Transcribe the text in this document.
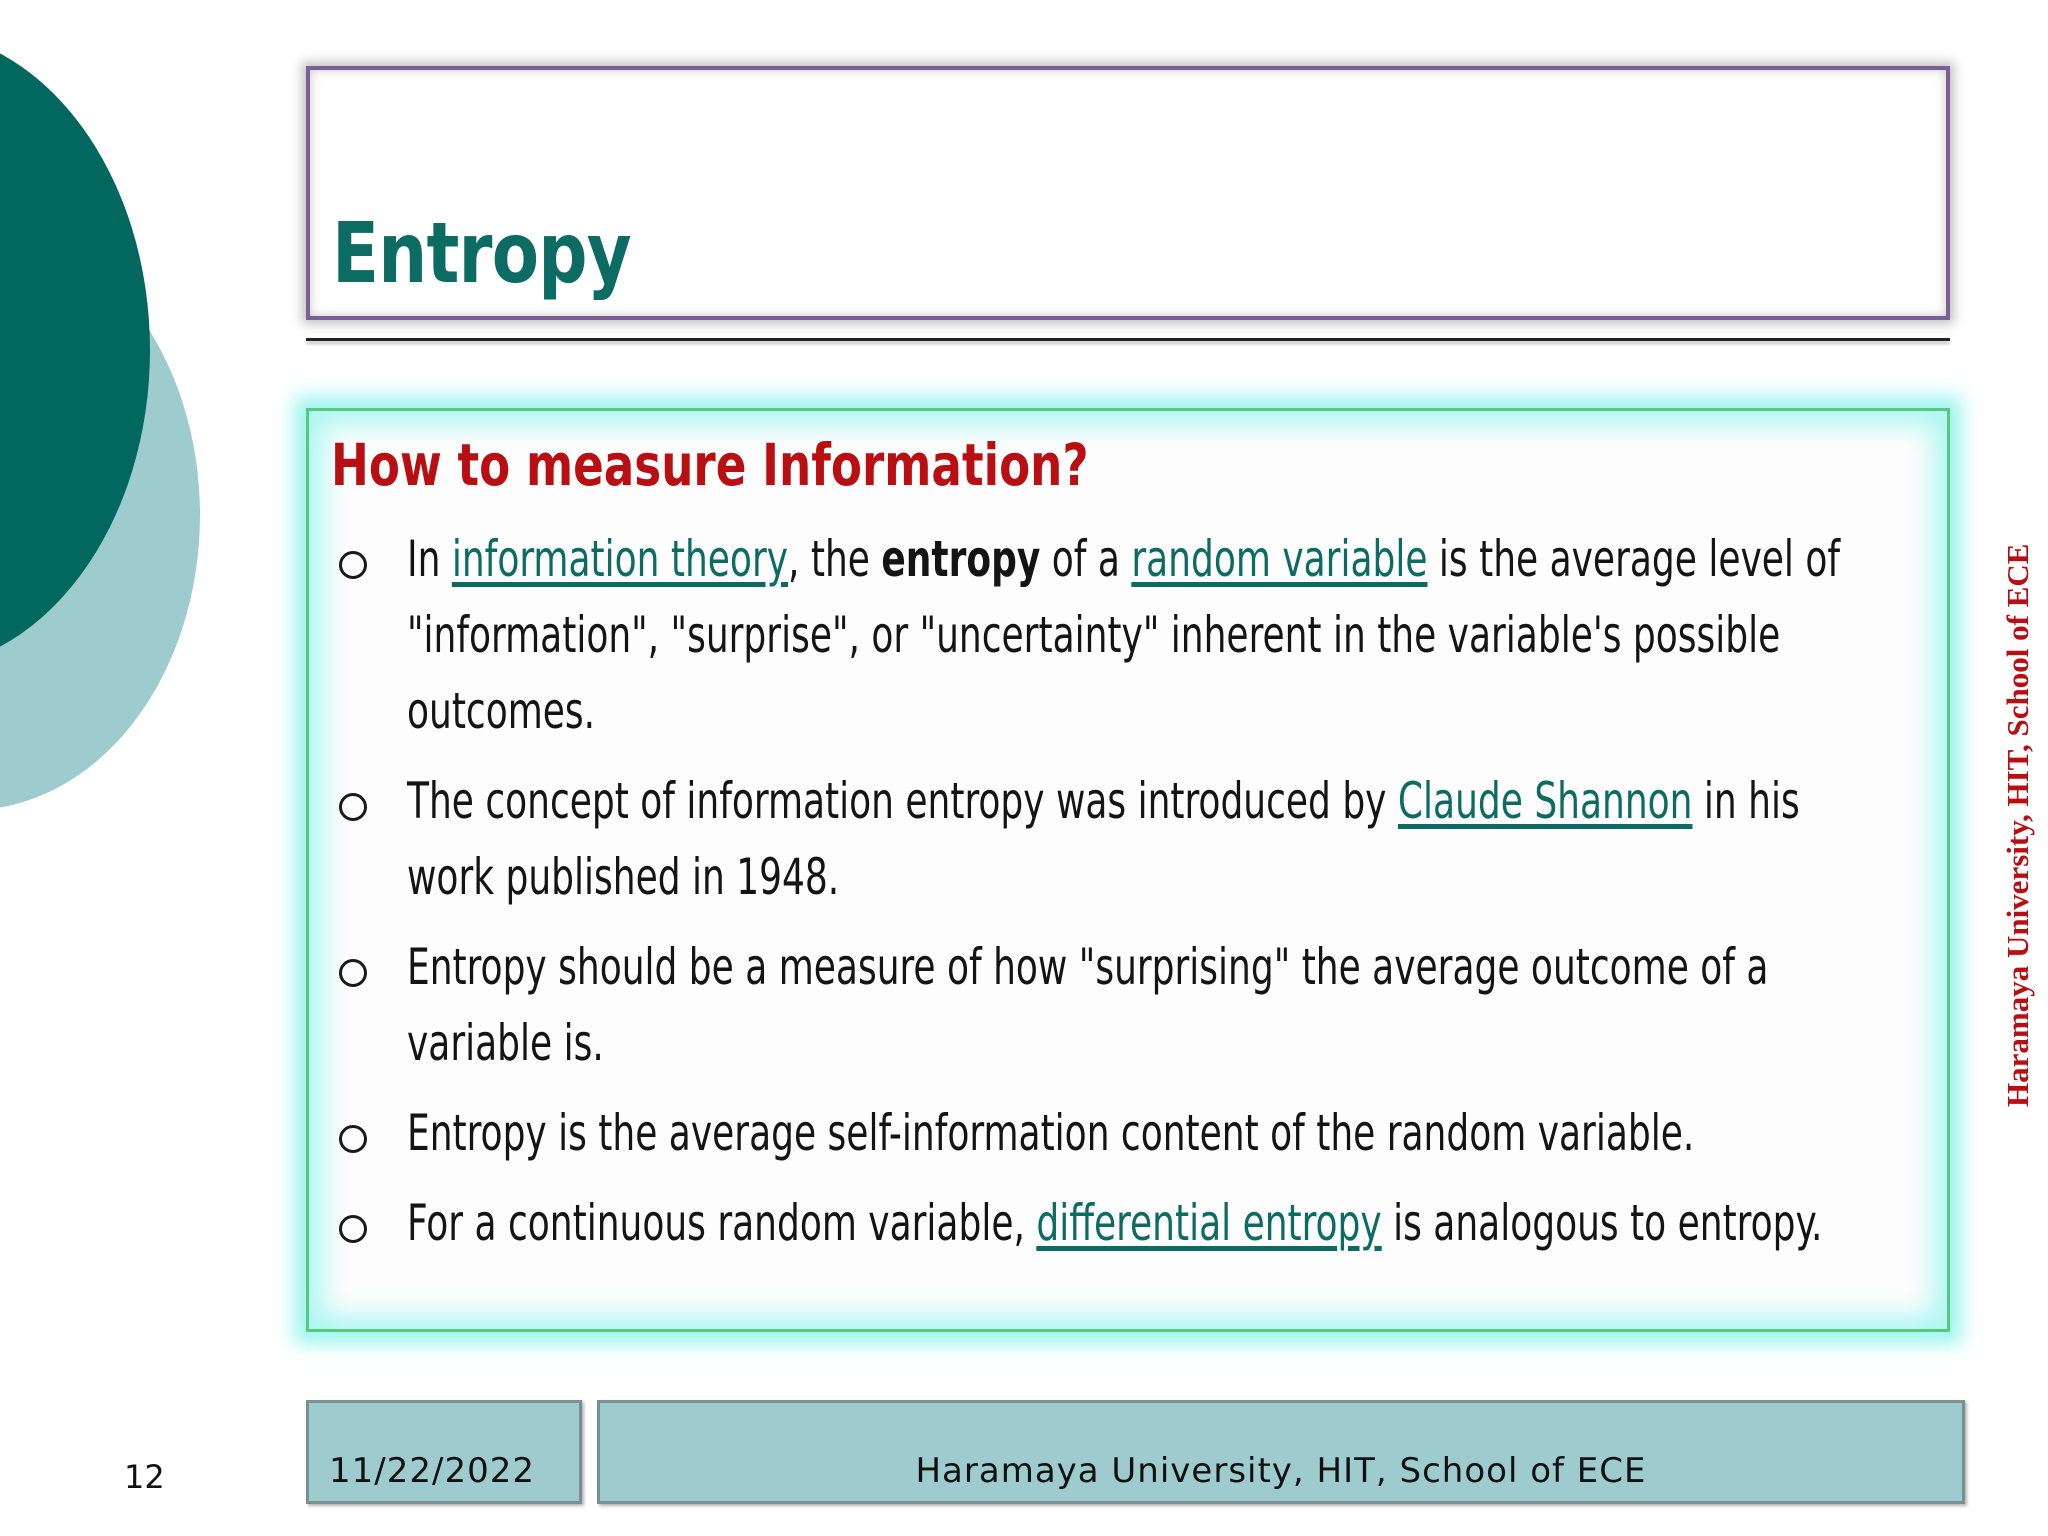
Entropy
How to measure Information?
In information theory, the entropy of a random variable is the average level of "information", "surprise", or "uncertainty" inherent in the variable's possible outcomes.
The concept of information entropy was introduced by Claude Shannon in his work published in 1948.
Entropy should be a measure of how "surprising" the average outcome of a variable is.
Entropy is the average self-information content of the random variable.
For a continuous random variable, differential entropy is analogous to entropy.
Haramaya University, HIT, School of ECE
12	11/22/2022	Haramaya University, HIT, School of ECE
